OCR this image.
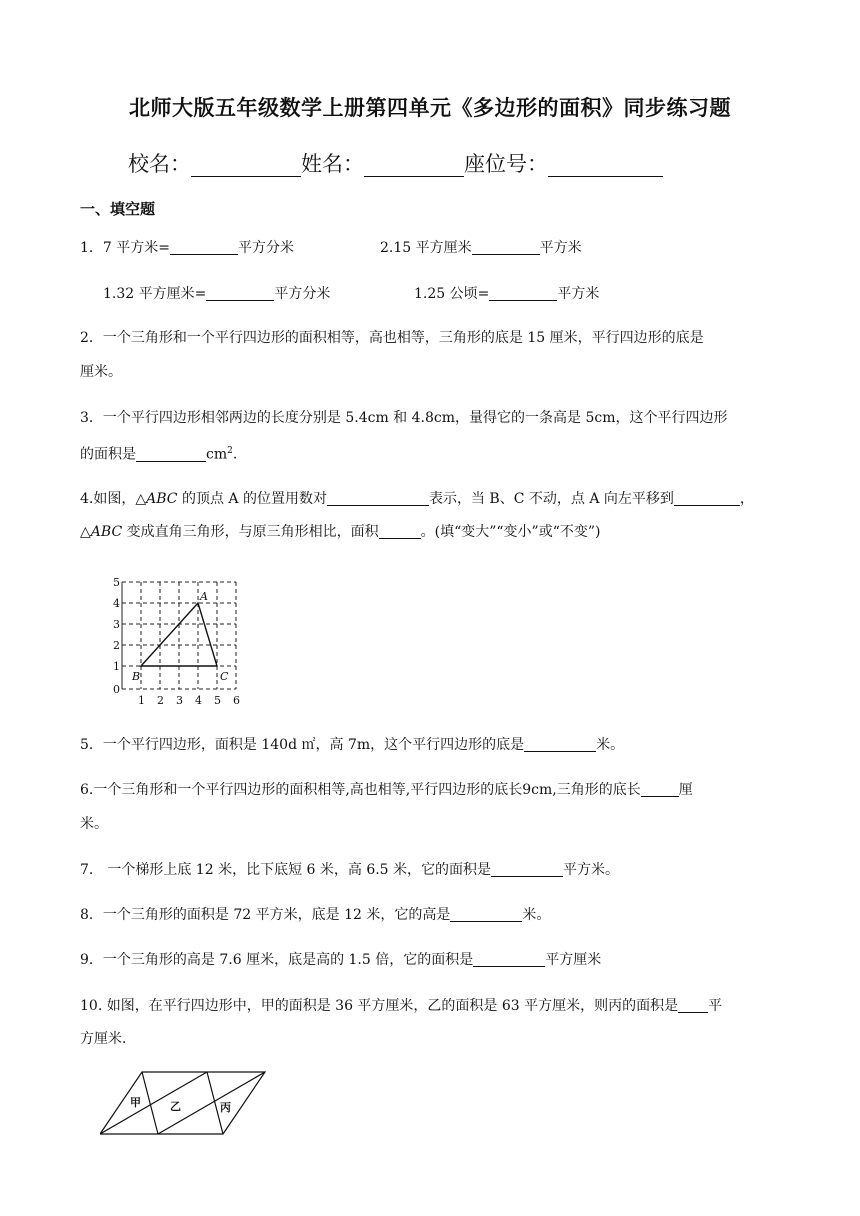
北师大版五年级数学上册第四单元《多边形的面积》同步练习题
校名：	姓名：	座位号：
一、填空题
1．7 平方米=	平方分米	2.15 平方厘米	平方米
1.32 平方厘米=	平方分米	1.25 公顷=	平方米
2．一个三角形和一个平行四边形的面积相等，高也相等，三角形的底是 15 厘米，平行四边形的底是
厘米。
3．一个平行四边形相邻两边的长度分别是 5.4cm 和 4.8cm，量得它的一条高是 5cm，这个平行四边形
的面积是	$cm^2$.
4.如图，△ABC 的顶点 A 的位置用数对	表示，当 B、C 不动，点 A 向左平移到	，
△ABC 变成直角三角形，与原三角形相比，面积	。(填“变大”“变小”或“不变”)
5
4
3
2
1
0
1 2 3 4 5 6
A
B	C
5．一个平行四边形，面积是 140d ㎡，高 7m，这个平行四边形的底是	米。
6.一个三角形和一个平行四边形的面积相等,高也相等,平行四边形的底长9cm,三角形的底长	厘
米。
7． 一个梯形上底 12 米，比下底短 6 米，高 6.5 米，它的面积是	平方米。
8．一个三角形的面积是 72 平方米，底是 12 米，它的高是	米。
9．一个三角形的高是 7.6 厘米，底是高的 1.5 倍，它的面积是	平方厘米
10. 如图，在平行四边形中，甲的面积是 36 平方厘米，乙的面积是 63 平方厘米，则丙的面积是 平
方厘米.
甲	乙	丙
